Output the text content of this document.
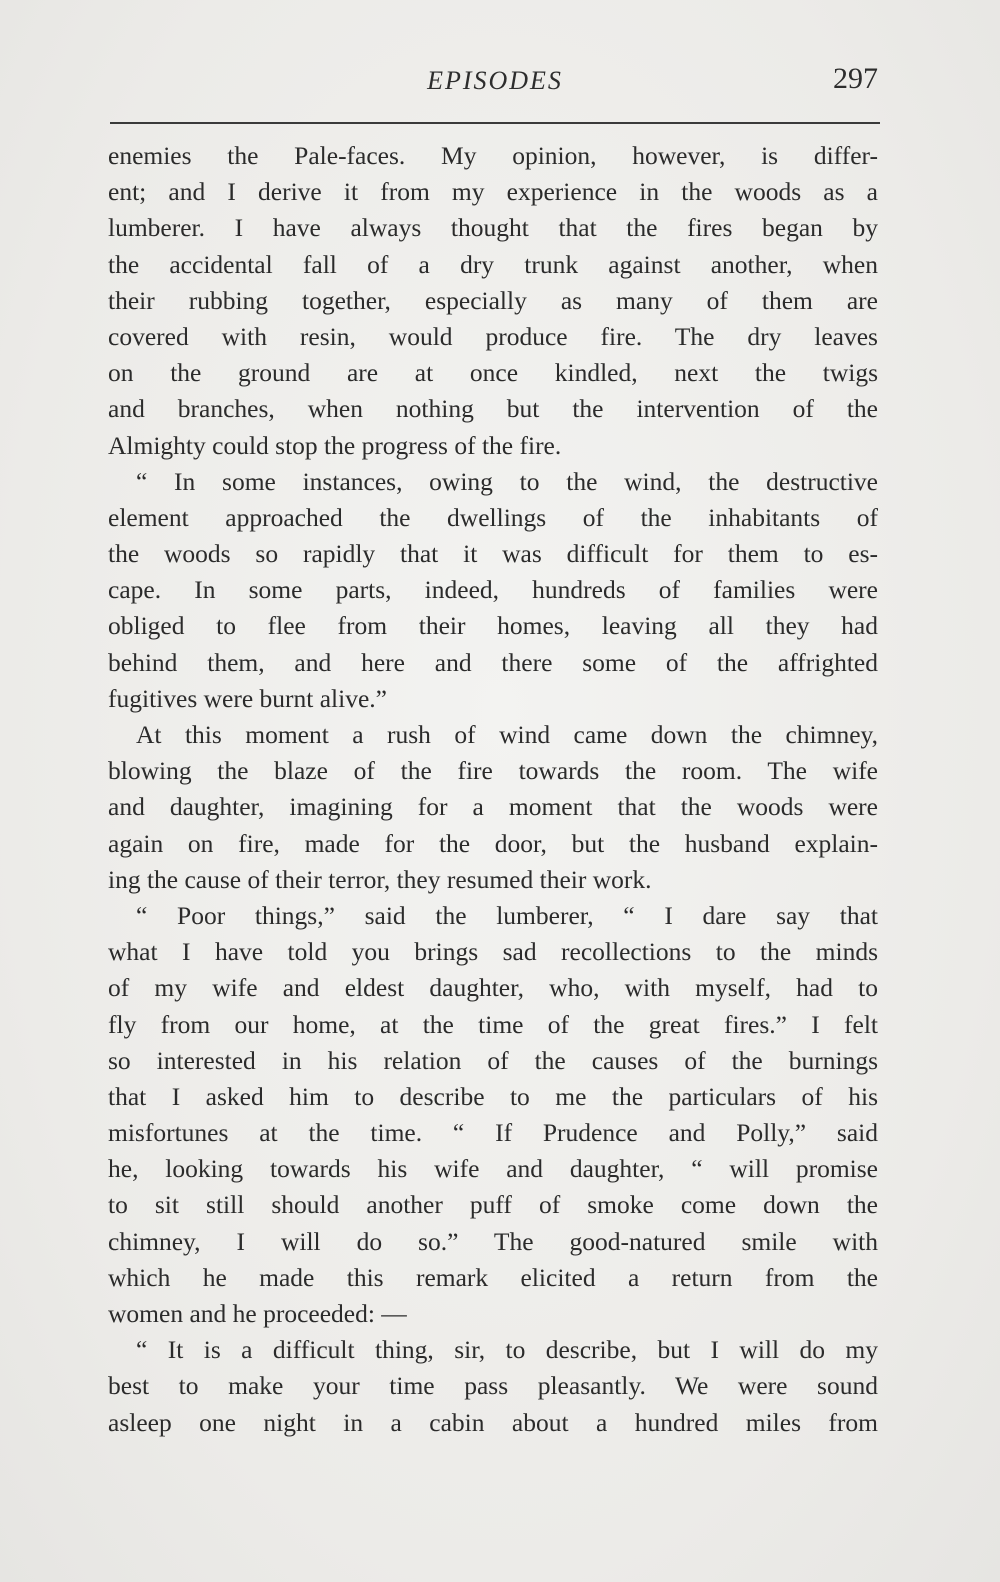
EPISODES	297
enemies the Pale-faces. My opinion, however, is differ-
ent; and I derive it from my experience in the woods as a
lumberer. I have always thought that the fires began by
the accidental fall of a dry trunk against another, when
their rubbing together, especially as many of them are
covered with resin, would produce fire. The dry leaves
on the ground are at once kindled, next the twigs
and branches, when nothing but the intervention of the
Almighty could stop the progress of the fire.
“ In some instances, owing to the wind, the destructive
element approached the dwellings of the inhabitants of
the woods so rapidly that it was difficult for them to es-
cape. In some parts, indeed, hundreds of families were
obliged to flee from their homes, leaving all they had
behind them, and here and there some of the affrighted
fugitives were burnt alive.”
At this moment a rush of wind came down the chimney,
blowing the blaze of the fire towards the room. The wife
and daughter, imagining for a moment that the woods were
again on fire, made for the door, but the husband explain-
ing the cause of their terror, they resumed their work.
“ Poor things,” said the lumberer, “ I dare say that
what I have told you brings sad recollections to the minds
of my wife and eldest daughter, who, with myself, had to
fly from our home, at the time of the great fires.” I felt
so interested in his relation of the causes of the burnings
that I asked him to describe to me the particulars of his
misfortunes at the time. “ If Prudence and Polly,” said
he, looking towards his wife and daughter, “ will promise
to sit still should another puff of smoke come down the
chimney, I will do so.” The good-natured smile with
which he made this remark elicited a return from the
women and he proceeded: —
“ It is a difficult thing, sir, to describe, but I will do my
best to make your time pass pleasantly. We were sound
asleep one night in a cabin about a hundred miles from
